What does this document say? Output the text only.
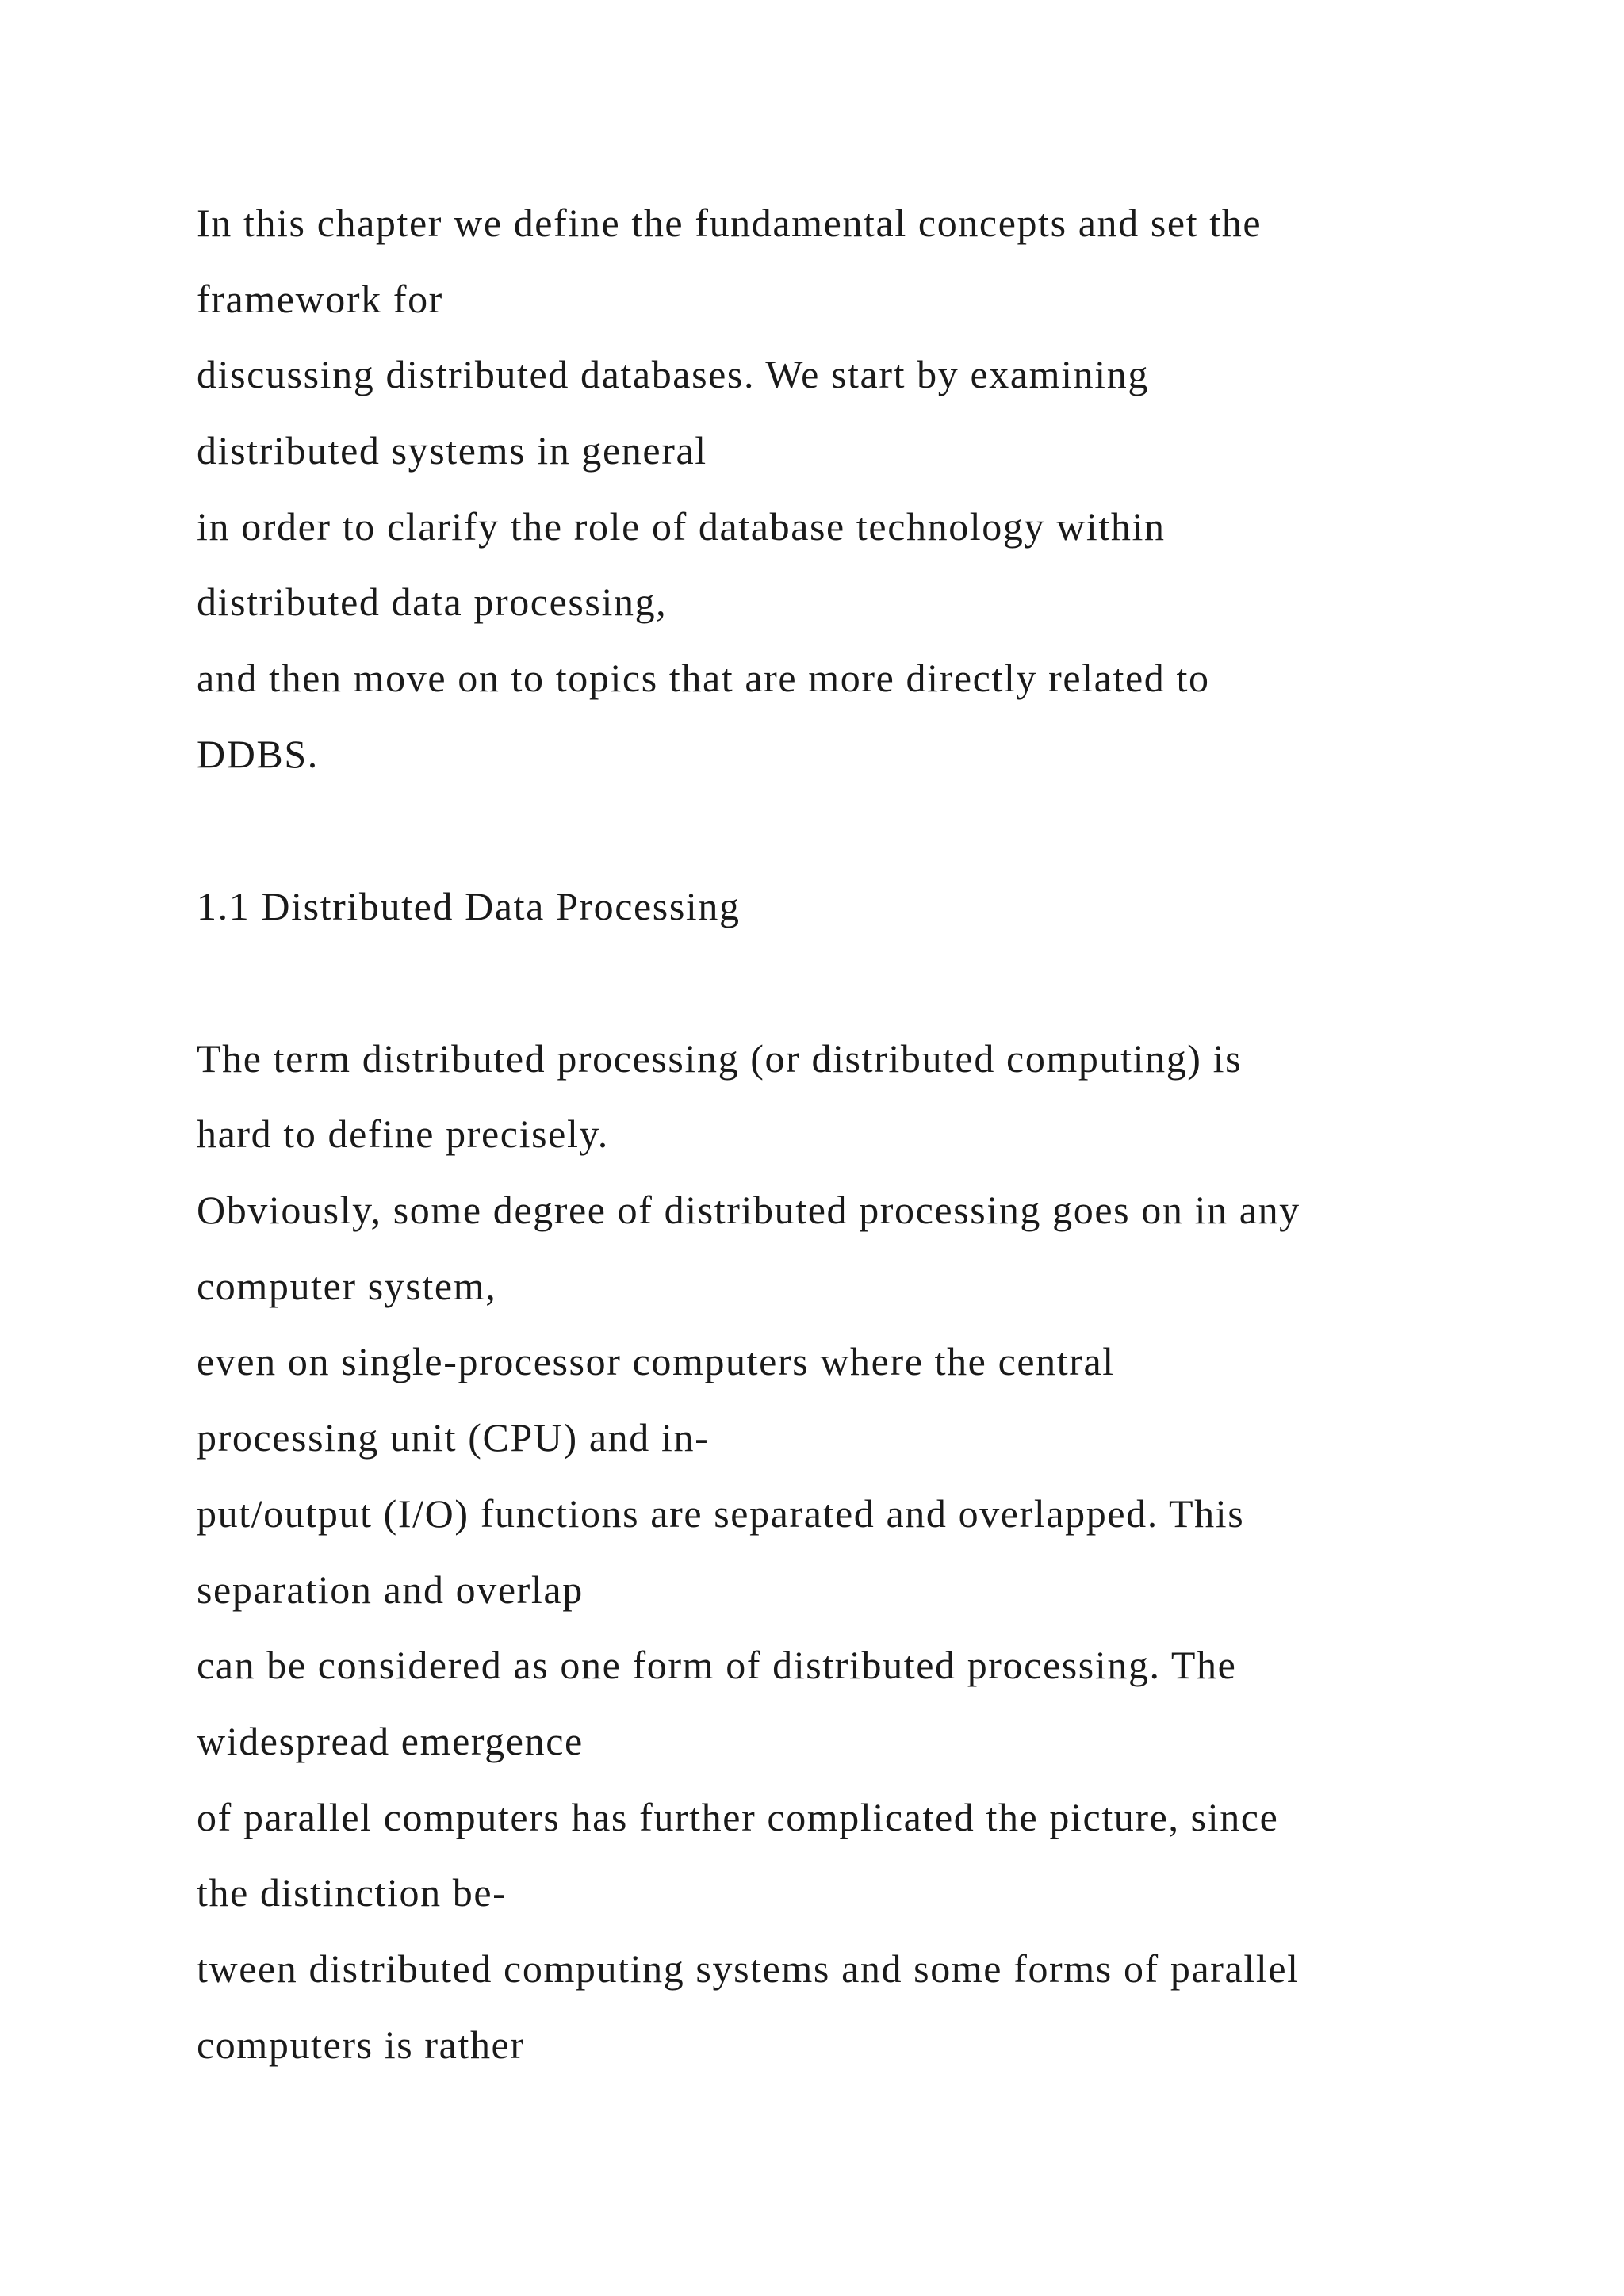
In this chapter we define the fundamental concepts and set the

framework for

discussing distributed databases. We start by examining

distributed systems in general

in order to clarify the role of database technology within

distributed data processing,

and then move on to topics that are more directly related to

DDBS.

1.1 Distributed Data Processing

The term distributed processing (or distributed computing) is

hard to define precisely.

Obviously, some degree of distributed processing goes on in any

computer system,

even on single-processor computers where the central

processing unit (CPU) and in-

put/output (I/O) functions are separated and overlapped. This

separation and overlap

can be considered as one form of distributed processing. The

widespread emergence

of parallel computers has further complicated the picture, since

the distinction be-

tween distributed computing systems and some forms of parallel

computers is rather
